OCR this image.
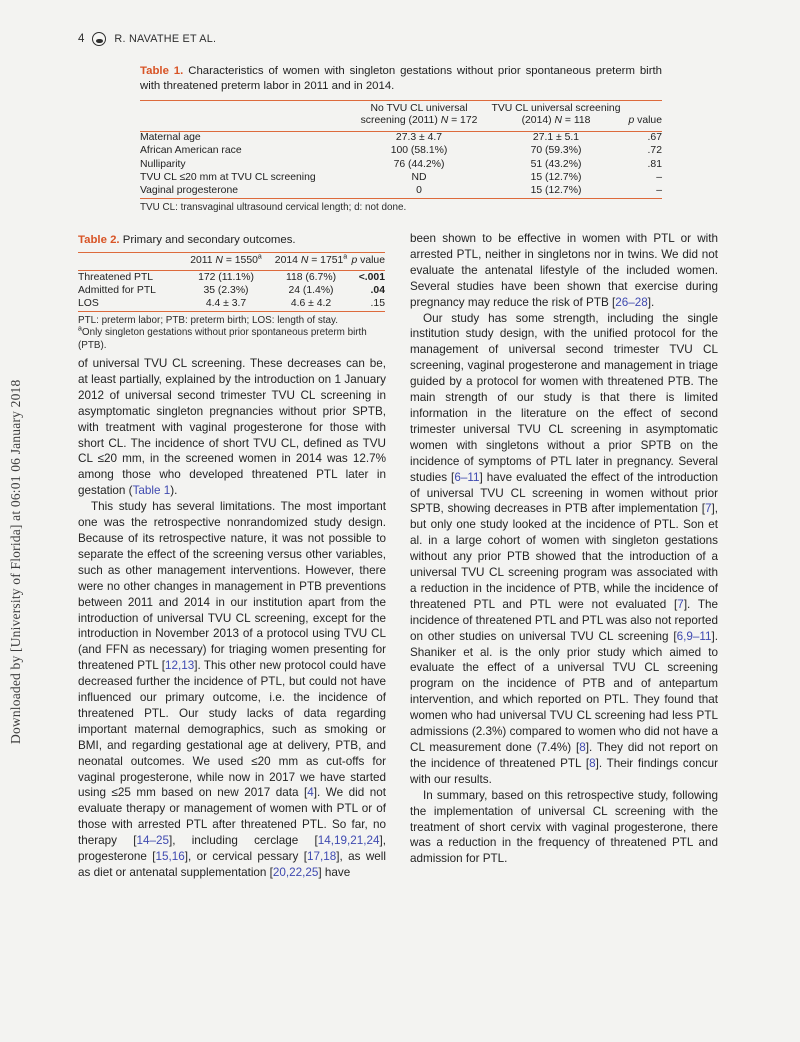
Downloaded by [University of Florida] at 06:01 06 January 2018
4	R. NAVATHE ET AL.

Table 1. Characteristics of women with singleton gestations without prior spontaneous preterm birth with threatened preterm labor in 2011 and in 2014.

	No TVU CL universal screening (2011) N = 172	TVU CL universal screening (2014) N = 118	p value
Maternal age	27.3 ± 4.7	27.1 ± 5.1	.67
African American race	100 (58.1%)	70 (59.3%)	.72
Nulliparity	76 (44.2%)	51 (43.2%)	.81
TVU CL ≤20 mm at TVU CL screening	ND	15 (12.7%)	–
Vaginal progesterone	0	15 (12.7%)	–

TVU CL: transvaginal ultrasound cervical length; d: not done.

Table 2. Primary and secondary outcomes.

	2011 $N = 1550^a$	2014 $N = 1751^a$	p value
Threatened PTL	172 (11.1%)	118 (6.7%)	<.001
Admitted for PTL	35 (2.3%)	24 (1.4%)	.04
LOS	4.4 ± 3.7	4.6 ± 4.2	.15

PTL: preterm labor; PTB: preterm birth; LOS: length of stay.

$^a$Only singleton gestations without prior spontaneous preterm birth (PTB).

of universal TVU CL screening. These decreases can be, at least partially, explained by the introduction on 1 January 2012 of universal second trimester TVU CL screening in asymptomatic singleton pregnancies without prior SPTB, with treatment with vaginal progesterone for those with short CL. The incidence of short TVU CL, defined as TVU CL ≤20 mm, in the screened women in 2014 was 12.7% among those who developed threatened PTL later in gestation (Table 1).

This study has several limitations. The most important one was the retrospective nonrandomized study design. Because of its retrospective nature, it was not possible to separate the effect of the screening versus other variables, such as other management interventions. However, there were no other changes in management in PTB preventions between 2011 and 2014 in our institution apart from the introduction of universal TVU CL screening, except for the introduction in November 2013 of a protocol using TVU CL (and FFN as necessary) for triaging women presenting for threatened PTL [12,13]. This other new protocol could have decreased further the incidence of PTL, but could not have influenced our primary outcome, i.e. the incidence of threatened PTL. Our study lacks of data regarding important maternal demographics, such as smoking or BMI, and regarding gestational age at delivery, PTB, and neonatal outcomes. We used ≤20 mm as cut-offs for vaginal progesterone, while now in 2017 we have started using ≤25 mm based on new 2017 data [4]. We did not evaluate therapy or management of women with PTL or of those with arrested PTL after threatened PTL. So far, no therapy [14–25], including cerclage [14,19,21,24], progesterone [15,16], or cervical pessary [17,18], as well as diet or antenatal supplementation [20,22,25] have

been shown to be effective in women with PTL or with arrested PTL, neither in singletons nor in twins. We did not evaluate the antenatal lifestyle of the included women. Several studies have been shown that exercise during pregnancy may reduce the risk of PTB [26–28].

Our study has some strength, including the single institution study design, with the unified protocol for the management of universal second trimester TVU CL screening, vaginal progesterone and management in triage guided by a protocol for women with threatened PTB. The main strength of our study is that there is limited information in the literature on the effect of second trimester universal TVU CL screening in asymptomatic women with singletons without a prior SPTB on the incidence of symptoms of PTL later in pregnancy. Several studies [6–11] have evaluated the effect of the introduction of universal TVU CL screening in women without prior SPTB, showing decreases in PTB after implementation [7], but only one study looked at the incidence of PTL. Son et al. in a large cohort of women with singleton gestations without any prior PTB showed that the introduction of a universal TVU CL screening program was associated with a reduction in the incidence of PTB, while the incidence of threatened PTL and PTL were not evaluated [7]. The incidence of threatened PTL and PTL was also not reported on other studies on universal TVU CL screening [6,9–11]. Shaniker et al. is the only prior study which aimed to evaluate the effect of a universal TVU CL screening program on the incidence of PTB and of antepartum intervention, and which reported on PTL. They found that women who had universal TVU CL screening had less PTL admissions (2.3%) compared to women who did not have a CL measurement done (7.4%) [8]. They did not report on the incidence of threatened PTL [8]. Their findings concur with our results.

In summary, based on this retrospective study, following the implementation of universal CL screening with the treatment of short cervix with vaginal progesterone, there was a reduction in the frequency of threatened PTL and admission for PTL.
